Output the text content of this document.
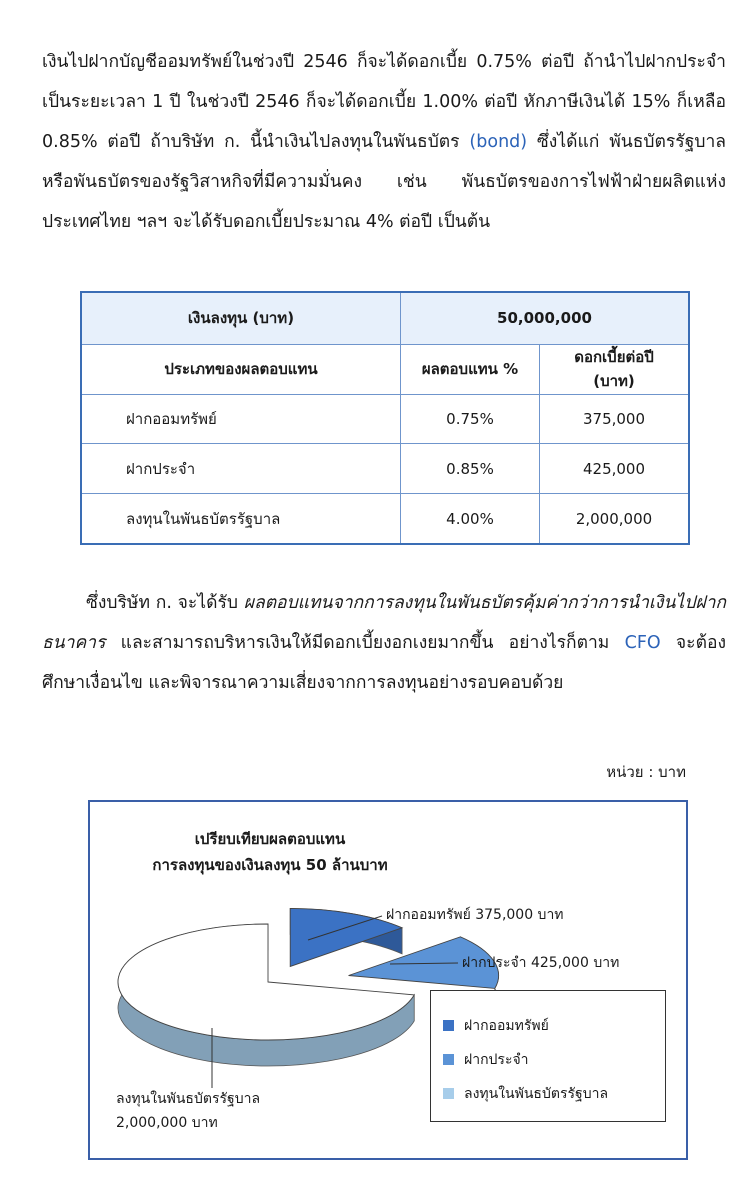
เงินไปฝากบัญชีออมทรัพย์ในช่วงปี 2546 ก็จะได้ดอกเบี้ย 0.75% ต่อปี ถ้านำไปฝากประจำเป็นระยะเวลา 1 ปี ในช่วงปี 2546 ก็จะได้ดอกเบี้ย 1.00% ต่อปี หักภาษีเงินได้ 15% ก็เหลือ 0.85% ต่อปี ถ้าบริษัท ก. นี้นำเงินไปลงทุนในพันธบัตร (bond) ซึ่งได้แก่ พันธบัตรรัฐบาล หรือพันธบัตรของรัฐวิสาหกิจที่มีความมั่นคง เช่น พันธบัตรของการไฟฟ้าฝ่ายผลิตแห่งประเทศไทย ฯลฯ จะได้รับดอกเบี้ยประมาณ 4% ต่อปี เป็นต้น

เงินลงทุน (บาท)	50,000,000	
ประเภทของผลตอบแทน	ผลตอบแทน %	ดอกเบี้ยต่อปี (บาท)
ฝากออมทรัพย์	0.75%	375,000
ฝากประจำ	0.85%	425,000
ลงทุนในพันธบัตรรัฐบาล	4.00%	2,000,000

ซึ่งบริษัท ก. จะได้รับ ผลตอบแทนจากการลงทุนในพันธบัตรคุ้มค่ากว่าการนำเงินไปฝากธนาคาร และสามารถบริหารเงินให้มีดอกเบี้ยงอกเงยมากขึ้น อย่างไรก็ตาม CFO จะต้องศึกษาเงื่อนไข และพิจารณาความเสี่ยงจากการลงทุนอย่างรอบคอบด้วย

หน่วย : บาท
เปรียบเทียบผลตอบแทน
การลงทุนของเงินลงทุน 50 ล้านบาท
ฝากออมทรัพย์ 375,000 บาท
ฝากประจำ 425,000 บาท
ลงทุนในพันธบัตรรัฐบาล
2,000,000 บาท
ฝากออมทรัพย์
ฝากประจำ
ลงทุนในพันธบัตรรัฐบาล
